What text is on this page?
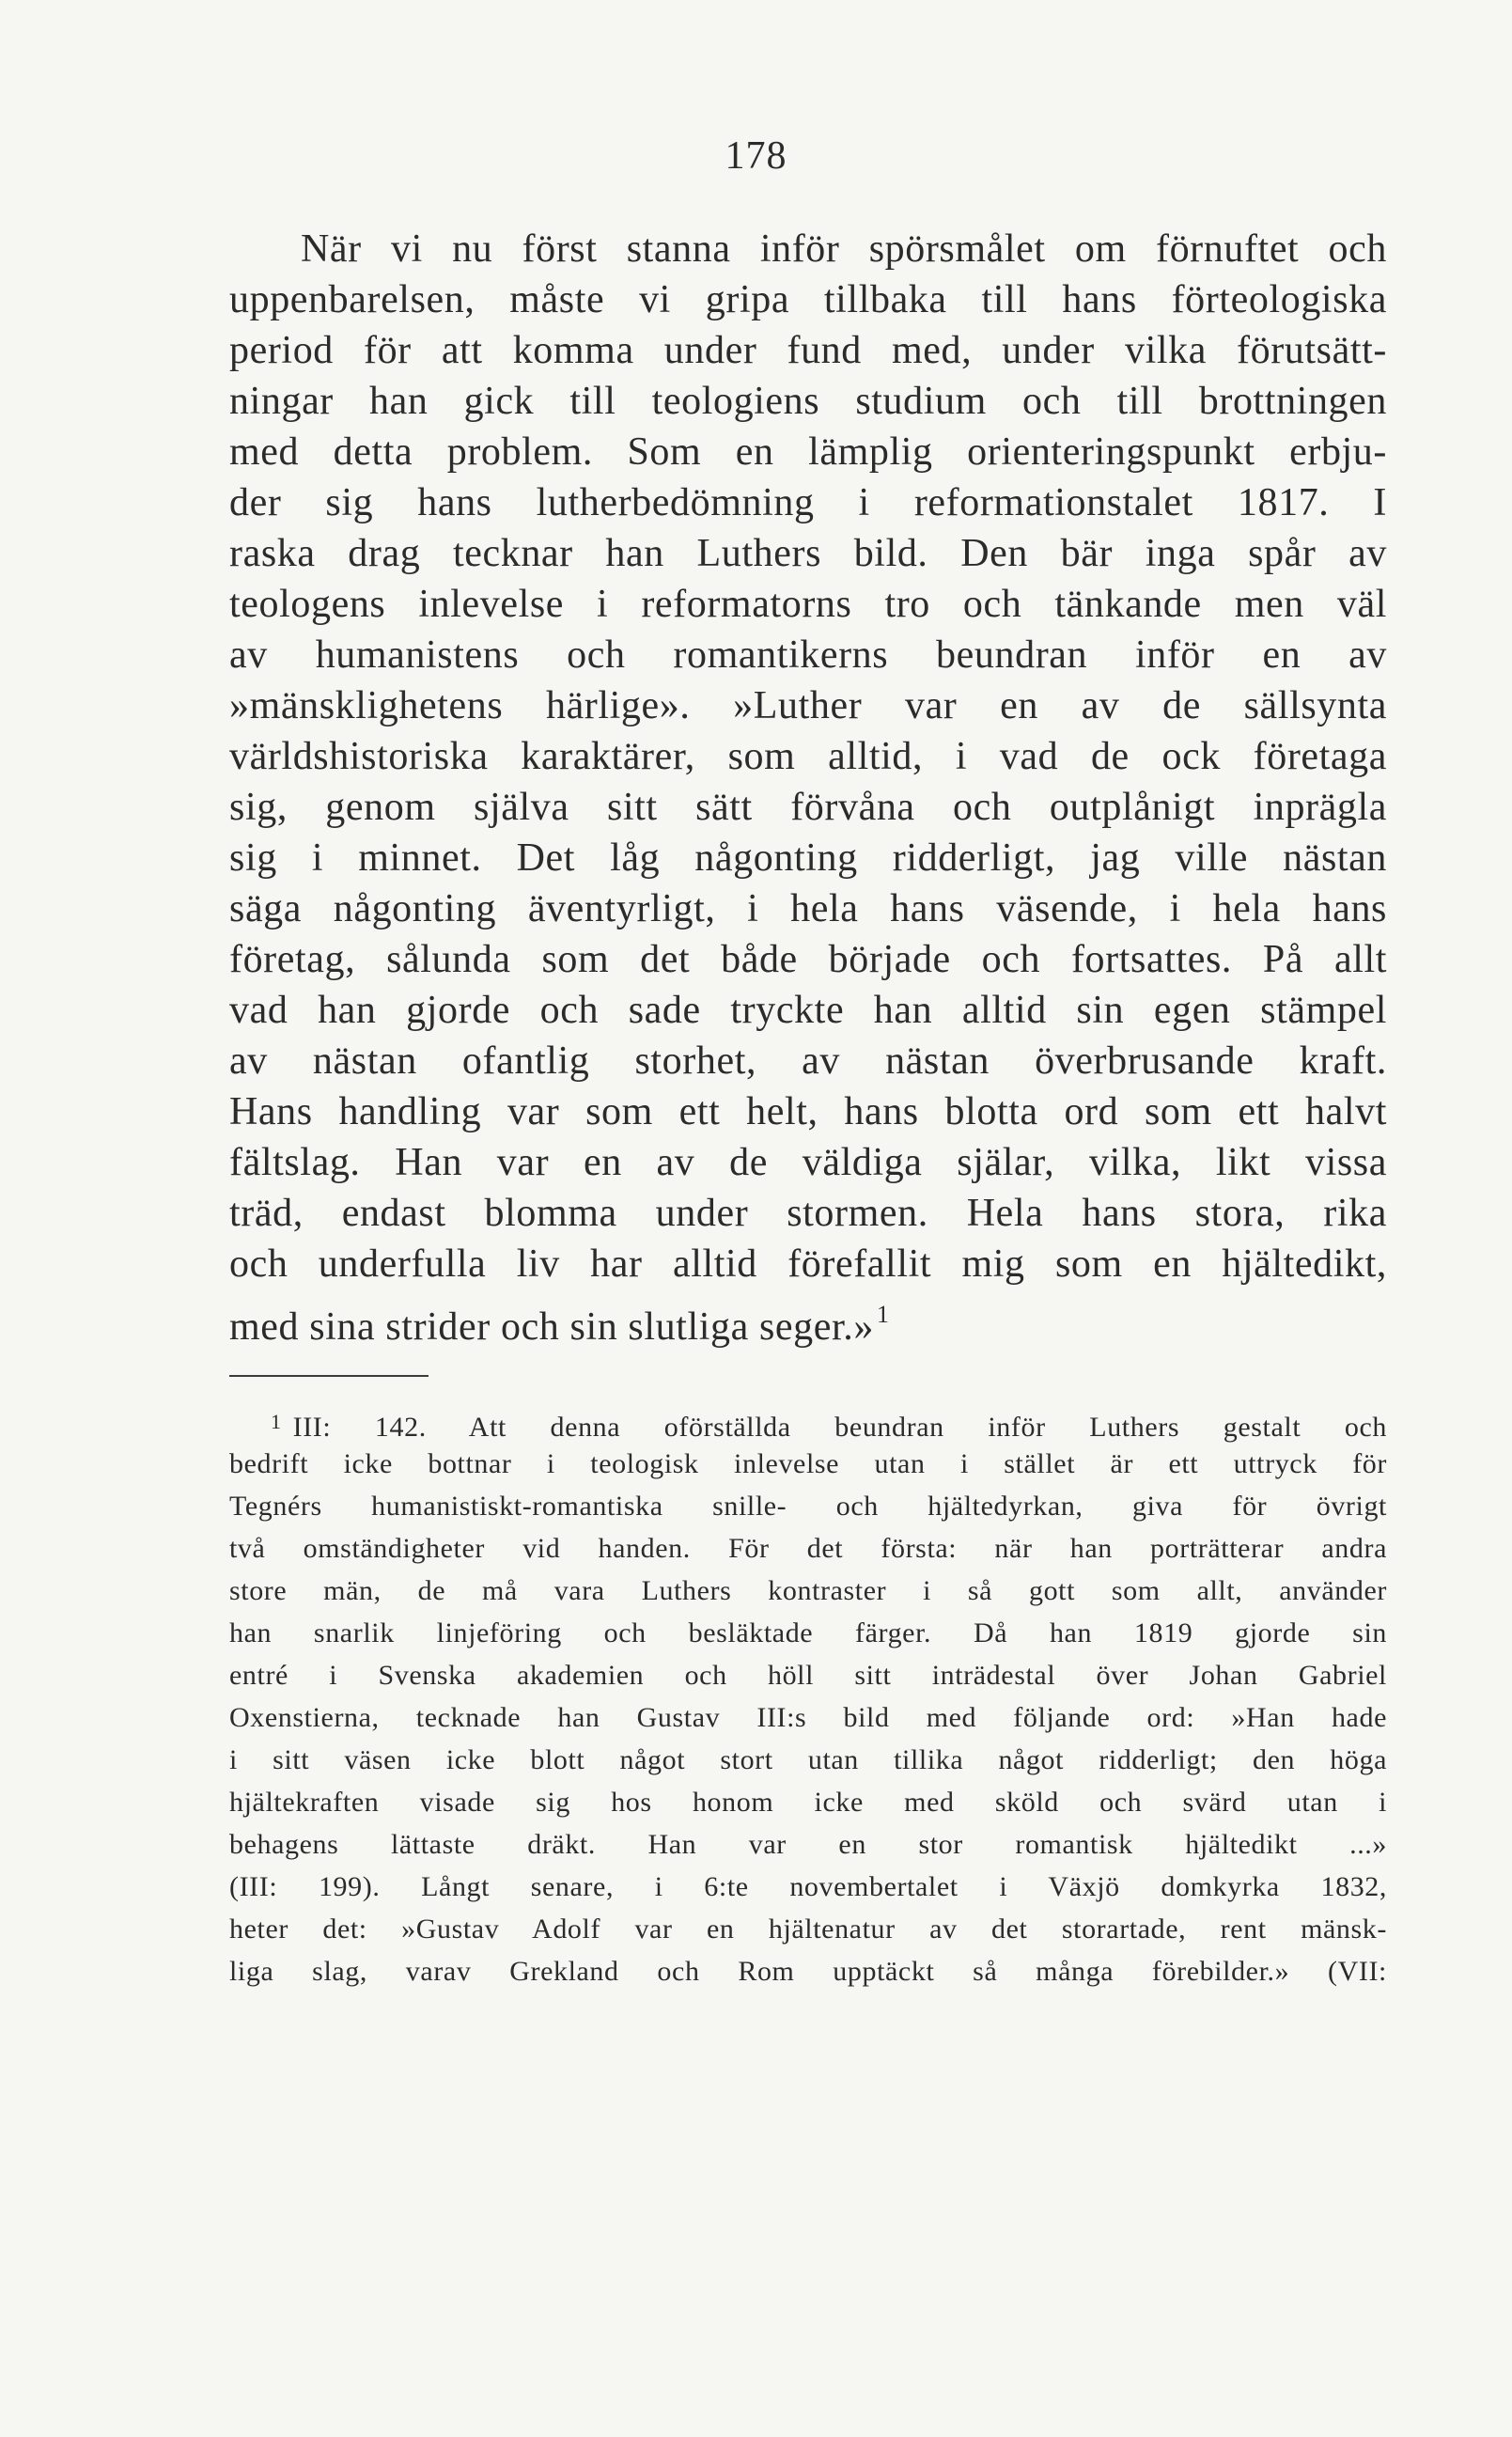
178
När vi nu först stanna inför spörsmålet om förnuftet och
uppenbarelsen, måste vi gripa tillbaka till hans förteologiska
period för att komma under fund med, under vilka förutsätt-
ningar han gick till teologiens studium och till brottningen
med detta problem. Som en lämplig orienteringspunkt erbju-
der sig hans lutherbedömning i reformationstalet 1817. I
raska drag tecknar han Luthers bild. Den bär inga spår av
teologens inlevelse i reformatorns tro och tänkande men väl
av humanistens och romantikerns beundran inför en av
»mänsklighetens härlige». »Luther var en av de sällsynta
världshistoriska karaktärer, som alltid, i vad de ock företaga
sig, genom själva sitt sätt förvåna och outplånigt inprägla
sig i minnet. Det låg någonting ridderligt, jag ville nästan
säga någonting äventyrligt, i hela hans väsende, i hela hans
företag, sålunda som det både började och fortsattes. På allt
vad han gjorde och sade tryckte han alltid sin egen stämpel
av nästan ofantlig storhet, av nästan överbrusande kraft.
Hans handling var som ett helt, hans blotta ord som ett halvt
fältslag. Han var en av de väldiga själar, vilka, likt vissa
träd, endast blomma under stormen. Hela hans stora, rika
och underfulla liv har alltid förefallit mig som en hjältedikt,
med sina strider och sin slutliga seger.» $^1$
$^1$ III: 142. Att denna oförställda beundran inför Luthers gestalt och
bedrift icke bottnar i teologisk inlevelse utan i stället är ett uttryck för
Tegnérs humanistiskt-romantiska snille- och hjältedyrkan, giva för övrigt
två omständigheter vid handen. För det första: när han porträtterar andra
store män, de må vara Luthers kontraster i så gott som allt, använder
han snarlik linjeföring och besläktade färger. Då han 1819 gjorde sin
entré i Svenska akademien och höll sitt inträdestal över Johan Gabriel
Oxenstierna, tecknade han Gustav III:s bild med följande ord: »Han hade
i sitt väsen icke blott något stort utan tillika något ridderligt; den höga
hjältekraften visade sig hos honom icke med sköld och svärd utan i
behagens lättaste dräkt. Han var en stor romantisk hjältedikt ...»
(III: 199). Långt senare, i 6:te novembertalet i Växjö domkyrka 1832,
heter det: »Gustav Adolf var en hjältenatur av det storartade, rent mänsk-
liga slag, varav Grekland och Rom upptäckt så många förebilder.» (VII:
